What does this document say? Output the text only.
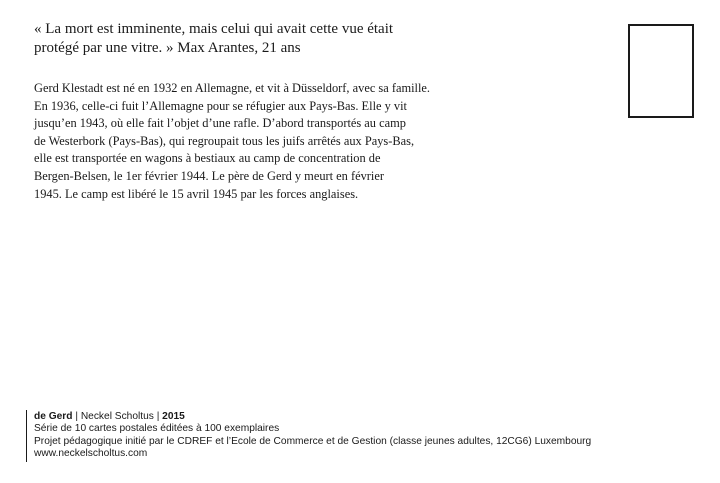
« La mort est imminente, mais celui qui avait cette vue était
protégé par une vitre. » Max Arantes, 21 ans
Gerd Klestadt est né en 1932 en Allemagne, et vit à Düsseldorf, avec sa famille.
En 1936, celle-ci fuit l’Allemagne pour se réfugier aux Pays-Bas. Elle y vit
jusqu’en 1943, où elle fait l’objet d’une rafle. D’abord transportés au camp
de Westerbork (Pays-Bas), qui regroupait tous les juifs arrêtés aux Pays-Bas,
elle est transportée en wagons à bestiaux au camp de concentration de
Bergen-Belsen, le 1er février 1944. Le père de Gerd y meurt en février
1945. Le camp est libéré le 15 avril 1945 par les forces anglaises.
de Gerd | Neckel Scholtus | 2015
Série de 10 cartes postales éditées à 100 exemplaires
Projet pédagogique initié par le CDREF et l’Ecole de Commerce et de Gestion (classe jeunes adultes, 12CG6) Luxembourg
www.neckelscholtus.com
